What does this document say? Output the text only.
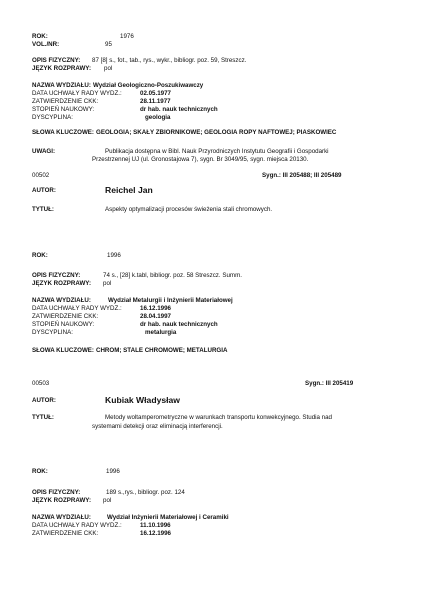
ROK:	1976
VOL./NR:	95
OPIS FIZYCZNY: 87 [8] s., fot., tab., rys., wykr., bibliogr. poz. 59, Streszcz.
JĘZYK ROZPRAWY: pol
NAZWA WYDZIAŁU: Wydział Geologiczno-Poszukiwawczy
DATA UCHWAŁY RADY WYDZ.:	02.05.1977
ZATWIERDZENIE CKK:	28.11.1977
STOPIEŃ NAUKOWY:	dr hab. nauk technicznych
DYSCYPLINA:	geologia
SŁOWA KLUCZOWE: GEOLOGIA; SKAŁY ZBIORNIKOWE; GEOLOGIA ROPY NAFTOWEJ; PIASKOWIEC
UWAGI:	Publikacja dostępna w Bibl. Nauk Przyrodniczych Instytutu Geografii i Gospodarki
Przestrzennej UJ (ul. Gronostajowa 7), sygn. Br 3049/95, sygn. miejsca 20130.
00502	Sygn.: III 205488; III 205489
AUTOR:	Reichel Jan
TYTUŁ:	Aspekty optymalizacji procesów świeżenia stali chromowych.
ROK:	1996
OPIS FIZYCZNY:	74 s., [28] k.tabl, bibliogr. poz. 58 Streszcz. Summ.
JĘZYK ROZPRAWY: pol
NAZWA WYDZIAŁU:	Wydział Metalurgii i Inżynierii Materiałowej
DATA UCHWAŁY RADY WYDZ.:	16.12.1996
ZATWIERDZENIE CKK:	28.04.1997
STOPIEŃ NAUKOWY:	dr hab. nauk technicznych
DYSCYPLINA:	metalurgia
SŁOWA KLUCZOWE: CHROM; STALE CHROMOWE; METALURGIA
00503	Sygn.: III 205419
AUTOR:	Kubiak Władysław
TYTUŁ:	Metody woltamperometryczne w warunkach transportu konwekcyjnego. Studia nad
systemami detekcji oraz eliminacją interferencji.
ROK:	1996
OPIS FIZYCZNY:	189 s.,rys., bibliogr. poz. 124
JĘZYK ROZPRAWY: pol
NAZWA WYDZIAŁU:	Wydział Inżynierii Materiałowej i Ceramiki
DATA UCHWAŁY RADY WYDZ.:	11.10.1996
ZATWIERDZENIE CKK:	16.12.1996
